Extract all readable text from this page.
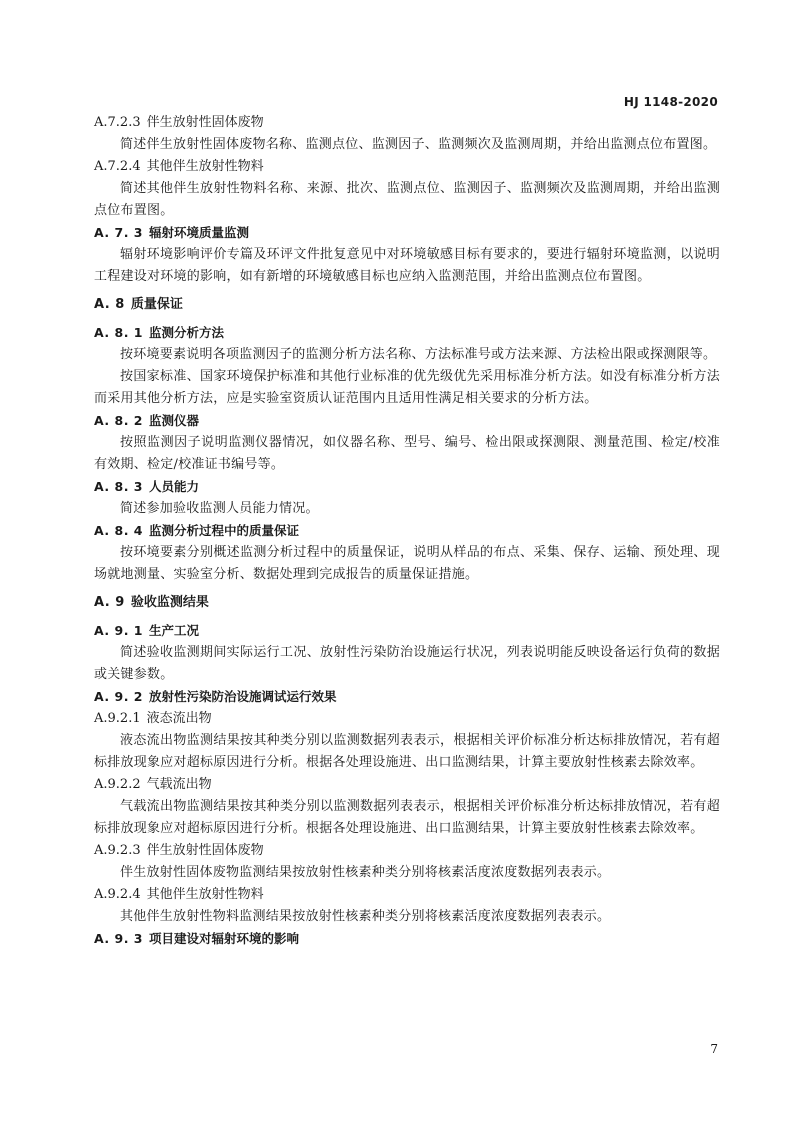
HJ 1148-2020
A.7.2.3 伴生放射性固体废物

简述伴生放射性固体废物名称、监测点位、监测因子、监测频次及监测周期，并给出监测点位布置图。

A.7.2.4 其他伴生放射性物料

简述其他伴生放射性物料名称、来源、批次、监测点位、监测因子、监测频次及监测周期，并给出监测点位布置图。

A. 7. 3 辐射环境质量监测

辐射环境影响评价专篇及环评文件批复意见中对环境敏感目标有要求的，要进行辐射环境监测，以说明工程建设对环境的影响，如有新增的环境敏感目标也应纳入监测范围，并给出监测点位布置图。

A. 8 质量保证
A. 8. 1 监测分析方法

按环境要素说明各项监测因子的监测分析方法名称、方法标准号或方法来源、方法检出限或探测限等。

按国家标准、国家环境保护标准和其他行业标准的优先级优先采用标准分析方法。如没有标准分析方法而采用其他分析方法，应是实验室资质认证范围内且适用性满足相关要求的分析方法。

A. 8. 2 监测仪器

按照监测因子说明监测仪器情况，如仪器名称、型号、编号、检出限或探测限、测量范围、检定/校准有效期、检定/校准证书编号等。

A. 8. 3 人员能力

简述参加验收监测人员能力情况。

A. 8. 4 监测分析过程中的质量保证

按环境要素分别概述监测分析过程中的质量保证，说明从样品的布点、采集、保存、运输、预处理、现场就地测量、实验室分析、数据处理到完成报告的质量保证措施。

A. 9 验收监测结果
A. 9. 1 生产工况

简述验收监测期间实际运行工况、放射性污染防治设施运行状况，列表说明能反映设备运行负荷的数据或关键参数。

A. 9. 2 放射性污染防治设施调试运行效果
A.9.2.1 液态流出物

液态流出物监测结果按其种类分别以监测数据列表表示，根据相关评价标准分析达标排放情况，若有超标排放现象应对超标原因进行分析。根据各处理设施进、出口监测结果，计算主要放射性核素去除效率。

A.9.2.2 气载流出物

气载流出物监测结果按其种类分别以监测数据列表表示，根据相关评价标准分析达标排放情况，若有超标排放现象应对超标原因进行分析。根据各处理设施进、出口监测结果，计算主要放射性核素去除效率。

A.9.2.3 伴生放射性固体废物

伴生放射性固体废物监测结果按放射性核素种类分别将核素活度浓度数据列表表示。

A.9.2.4 其他伴生放射性物料

其他伴生放射性物料监测结果按放射性核素种类分别将核素活度浓度数据列表表示。

A. 9. 3 项目建设对辐射环境的影响
7
